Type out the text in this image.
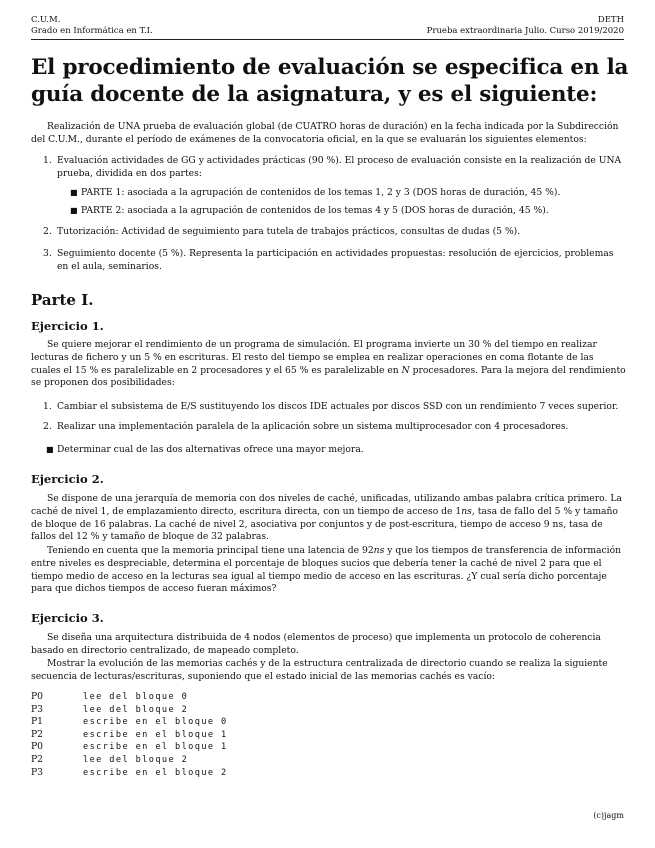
C.U.M.
Grado en Informática en T.I.
DETH
Prueba extraordinaria Julio. Curso 2019/2020
El procedimiento de evaluación se especifica en la guía docente de la asignatura, y es el siguiente:

Realización de UNA prueba de evaluación global (de CUATRO horas de duración) en la fecha indicada por la Subdirección del C.U.M., durante el período de exámenes de la convocatoria oficial, en la que se evaluarán los siguientes elementos:

1. Evaluación actividades de GG y actividades prácticas (90 %). El proceso de evaluación consiste en la realización de UNA prueba, dividida en dos partes:
■ PARTE 1: asociada a la agrupación de contenidos de los temas 1, 2 y 3 (DOS horas de duración, 45 %).
■ PARTE 2: asociada a la agrupación de contenidos de los temas 4 y 5 (DOS horas de duración, 45 %).
2. Tutorización: Actividad de seguimiento para tutela de trabajos prácticos, consultas de dudas (5 %).
3. Seguimiento docente (5 %). Representa la participación en actividades propuestas: resolución de ejercicios, problemas en el aula, seminarios.
Parte I.
Ejercicio 1.

Se quiere mejorar el rendimiento de un programa de simulación. El programa invierte un 30 % del tiempo en realizar lecturas de fichero y un 5 % en escrituras. El resto del tiempo se emplea en realizar operaciones en coma flotante de las cuales el 15 % es paralelizable en 2 procesadores y el 65 % es paralelizable en N procesadores. Para la mejora del rendimiento se proponen dos posibilidades:

1. Cambiar el subsistema de E/S sustituyendo los discos IDE actuales por discos SSD con un rendimiento 7 veces superior.
2. Realizar una implementación paralela de la aplicación sobre un sistema multiprocesador con 4 procesadores.
■ Determinar cual de las dos alternativas ofrece una mayor mejora.
Ejercicio 2.

Se dispone de una jerarquía de memoria con dos niveles de caché, unificadas, utilizando ambas palabra crítica primero. La caché de nivel 1, de emplazamiento directo, escritura directa, con un tiempo de acceso de 1ns, tasa de fallo del 5 % y tamaño de bloque de 16 palabras. La caché de nivel 2, asociativa por conjuntos y de post-escritura, tiempo de acceso 9 ns, tasa de fallos del 12 % y tamaño de bloque de 32 palabras.

Teniendo en cuenta que la memoria principal tiene una latencia de 92ns y que los tiempos de transferencia de información entre niveles es despreciable, determina el porcentaje de bloques sucios que debería tener la caché de nivel 2 para que el tiempo medio de acceso en la lecturas sea igual al tiempo medio de acceso en las escrituras. ¿Y cual sería dicho porcentaje para que dichos tiempos de acceso fueran máximos?

Ejercicio 3.

Se diseña una arquitectura distribuida de 4 nodos (elementos de proceso) que implementa un protocolo de coherencia basado en directorio centralizado, de mapeado completo.

Mostrar la evolución de las memorias cachés y de la estructura centralizada de directorio cuando se realiza la siguiente secuencia de lecturas/escrituras, suponiendo que el estado inicial de las memorias cachés es vacío:

P0	lee del bloque 0
P3	lee del bloque 2
P1	escribe en el bloque 0
P2	escribe en el bloque 1
P0	escribe en el bloque 1
P2	lee del bloque 2
P3	escribe en el bloque 2
(c)jagm
